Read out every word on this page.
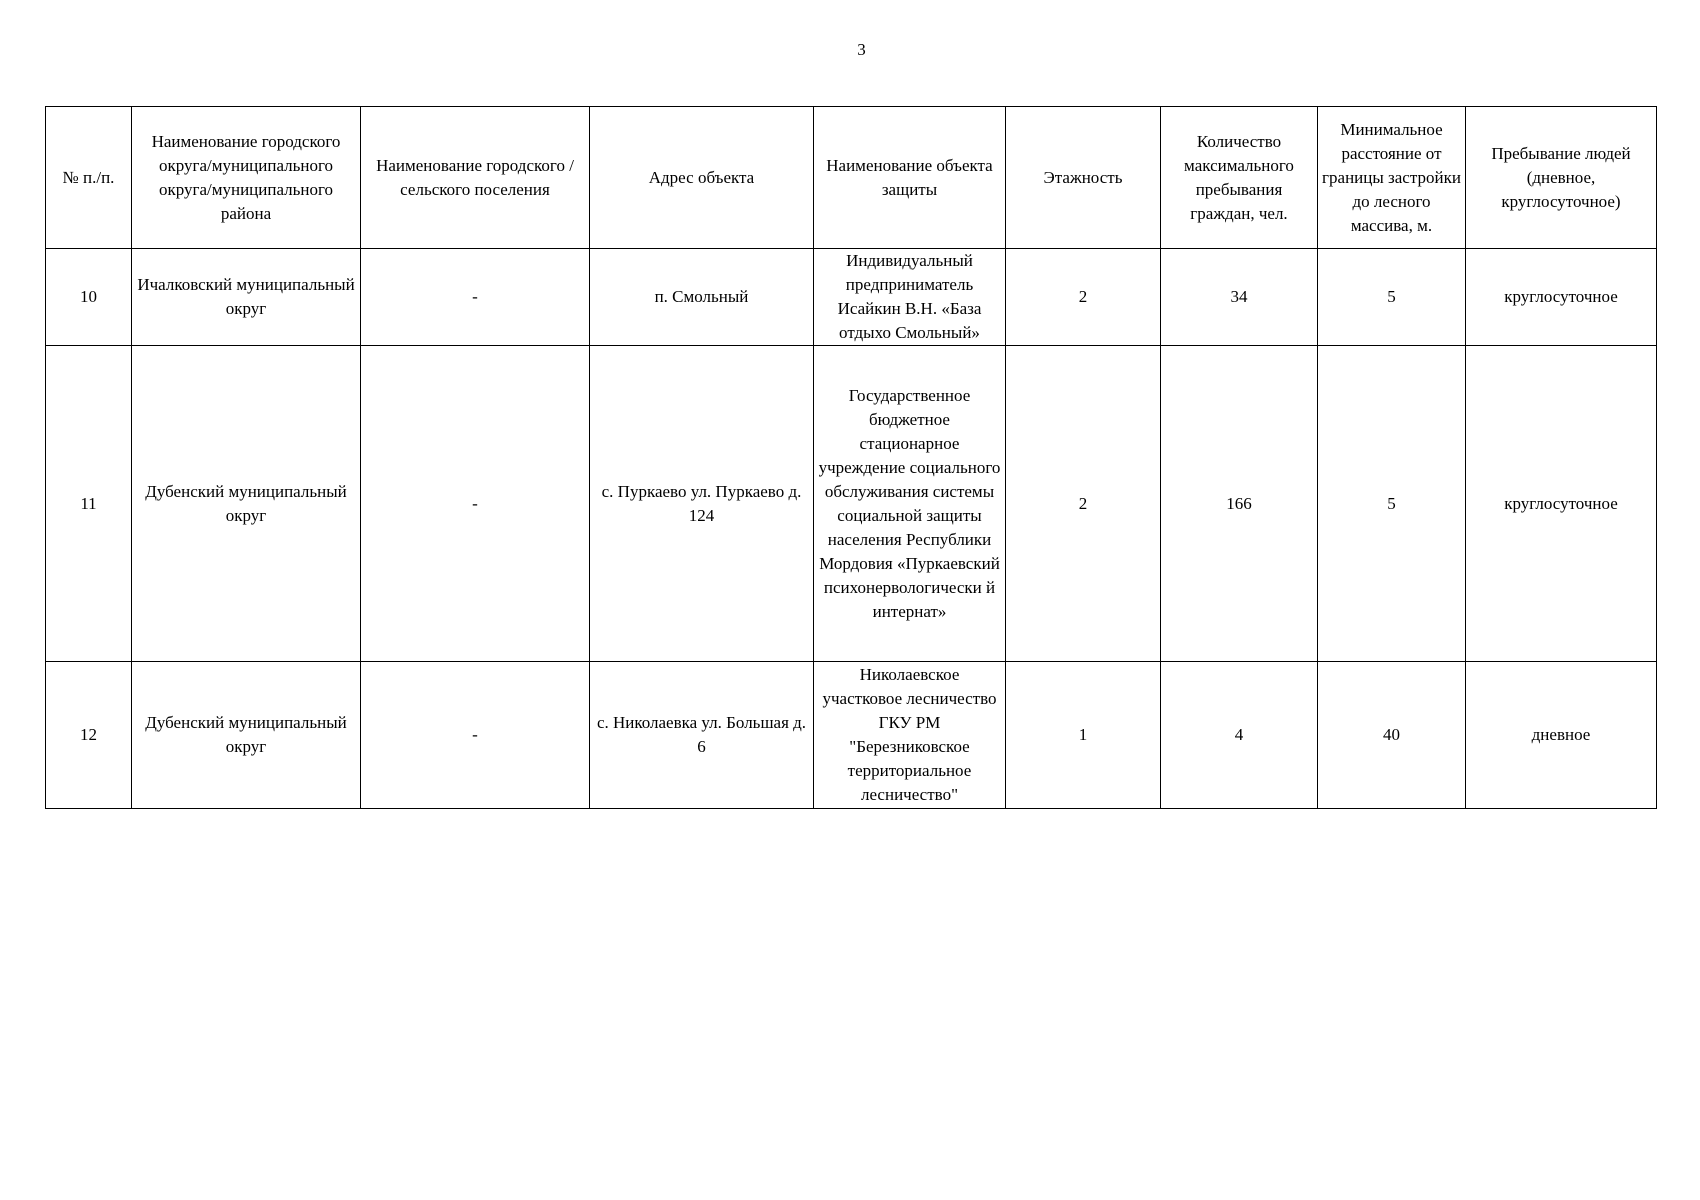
3
№ п./п.	Наименование городского округа/муниципального округа/муниципального района	Наименование городского / сельского поселения	Адрес объекта	Наименование объекта защиты	Этажность	Количество максимального пребывания граждан, чел.	Минимальное расстояние от границы застройки до лесного массива, м.	Пребывание людей (дневное, круглосуточное)
10	Ичалковский муниципальный округ	-	п. Смольный	Индивидуальный предприниматель Исайкин В.Н. «База отдыхо Смольный»	2	34	5	круглосуточное
11	Дубенский муниципальный округ	-	с. Пуркаево ул. Пуркаево д. 124	Государственное бюджетное стационарное учреждение социального обслуживания системы социальной защиты населения Республики Мордовия «Пуркаевский психонервологически й интернат»	2	166	5	круглосуточное
12	Дубенский муниципальный округ	-	с. Николаевка ул. Большая д. 6	Николаевское участковое лесничество ГКУ РМ "Березниковское территориальное лесничество"	1	4	40	дневное
